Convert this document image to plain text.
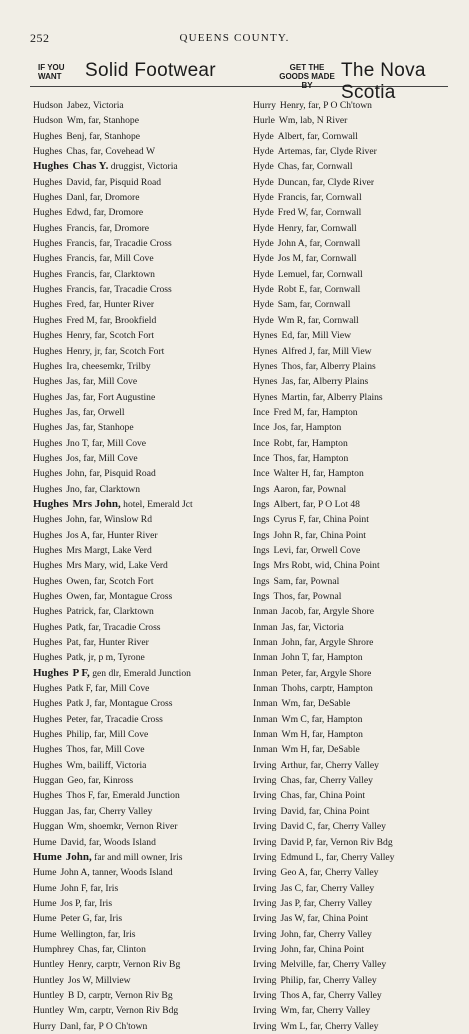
252	QUEENS COUNTY.
IF YOU WANT	Solid Footwear	GET THE GOODS MADE BY
The Nova Scotia
Hudson Jabez, Victoria
Hudson Wm, far, Stanhope
Hughes Benj, far, Stanhope
Hughes Chas, far, Covehead W
Hughes Chas Y. druggist, Victoria
Hughes David, far, Pisquid Road
Hughes Danl, far, Dromore
Hughes Edwd, far, Dromore
Hughes Francis, far, Dromore
Hughes Francis, far, Tracadie Cross
Hughes Francis, far, Mill Cove
Hughes Francis, far, Clarktown
Hughes Francis, far, Tracadie Cross
Hughes Fred, far, Hunter River
Hughes Fred M, far, Brookfield
Hughes Henry, far, Scotch Fort
Hughes Henry, jr, far, Scotch Fort
Hughes Ira, cheesemkr, Trilby
Hughes Jas, far, Mill Cove
Hughes Jas, far, Fort Augustine
Hughes Jas, far, Orwell
Hughes Jas, far, Stanhope
Hughes Jno T, far, Mill Cove
Hughes Jos, far, Mill Cove
Hughes John, far, Pisquid Road
Hughes Jno, far, Clarktown
Hughes Mrs John, hotel, Emerald Jct
Hughes John, far, Winslow Rd
Hughes Jos A, far, Hunter River
Hughes Mrs Margt, Lake Verd
Hughes Mrs Mary, wid, Lake Verd
Hughes Owen, far, Scotch Fort
Hughes Owen, far, Montague Cross
Hughes Patrick, far, Clarktown
Hughes Patk, far, Tracadie Cross
Hughes Pat, far, Hunter River
Hughes Patk, jr, p m, Tyrone
Hughes P F, gen dlr, Emerald Junction
Hughes Patk F, far, Mill Cove
Hughes Patk J, far, Montague Cross
Hughes Peter, far, Tracadie Cross
Hughes Philip, far, Mill Cove
Hughes Thos, far, Mill Cove
Hughes Wm, bailiff, Victoria
Huggan Geo, far, Kinross
Hughes Thos F, far, Emerald Junction
Huggan Jas, far, Cherry Valley
Huggan Wm, shoemkr, Vernon River
Hume David, far, Woods Island
Hume John, far and mill owner, Iris
Hume John A, tanner, Woods Island
Hume John F, far, Iris
Hume Jos P, far, Iris
Hume Peter G, far, Iris
Hume Wellington, far, Iris
Humphrey Chas, far, Clinton
Huntley Henry, carptr, Vernon Riv Bg
Huntley Jos W, Millview
Huntley B D, carptr, Vernon Riv Bg
Huntley Wm, carptr, Vernon Riv Bdg
Hurry Danl, far, P O Ch'town
Hurry Henry, far, P O Ch'town
Hurle Wm, lab, N River
Hyde Albert, far, Cornwall
Hyde Artemas, far, Clyde River
Hyde Chas, far, Cornwall
Hyde Duncan, far, Clyde River
Hyde Francis, far, Cornwall
Hyde Fred W, far, Cornwall
Hyde Henry, far, Cornwall
Hyde John A, far, Cornwall
Hyde Jos M, far, Cornwall
Hyde Lemuel, far, Cornwall
Hyde Robt E, far, Cornwall
Hyde Sam, far, Cornwall
Hyde Wm R, far, Cornwall
Hynes Ed, far, Mill View
Hynes Alfred J, far, Mill View
Hynes Thos, far, Alberry Plains
Hynes Jas, far, Alberry Plains
Hynes Martin, far, Alberry Plains
Ince Fred M, far, Hampton
Ince Jos, far, Hampton
Ince Robt, far, Hampton
Ince Thos, far, Hampton
Ince Walter H, far, Hampton
Ings Aaron, far, Pownal
Ings Albert, far, P O Lot 48
Ings Cyrus F, far, China Point
Ings John R, far, China Point
Ings Levi, far, Orwell Cove
Ings Mrs Robt, wid, China Point
Ings Sam, far, Pownal
Ings Thos, far, Pownal
Inman Jacob, far, Argyle Shore
Inman Jas, far, Victoria
Inman John, far, Argyle Shrore
Inman John T, far, Hampton
Inman Peter, far, Argyle Shore
Inman Thohs, carptr, Hampton
Inman Wm, far, DeSable
Inman Wm C, far, Hampton
Inman Wm H, far, Hampton
Inman Wm H, far, DeSable
Irving Arthur, far, Cherry Valley
Irving Chas, far, Cherry Valley
Irving Chas, far, China Point
Irving David, far, China Point
Irving David C, far, Cherry Valley
Irving David P, far, Vernon Riv Bdg
Irving Edmund L, far, Cherry Valley
Irving Geo A, far, Cherry Valley
Irving Jas C, far, Cherry Valley
Irving Jas P, far, Cherry Valley
Irving Jas W, far, China Point
Irving John, far, Cherry Valley
Irving John, far, China Point
Irving Melville, far, Cherry Valley
Irving Philip, far, Cherry Valley
Irving Thos A, far, Cherry Valley
Irving Wm, far, Cherry Valley
Irving Wm L, far, Cherry Valley
